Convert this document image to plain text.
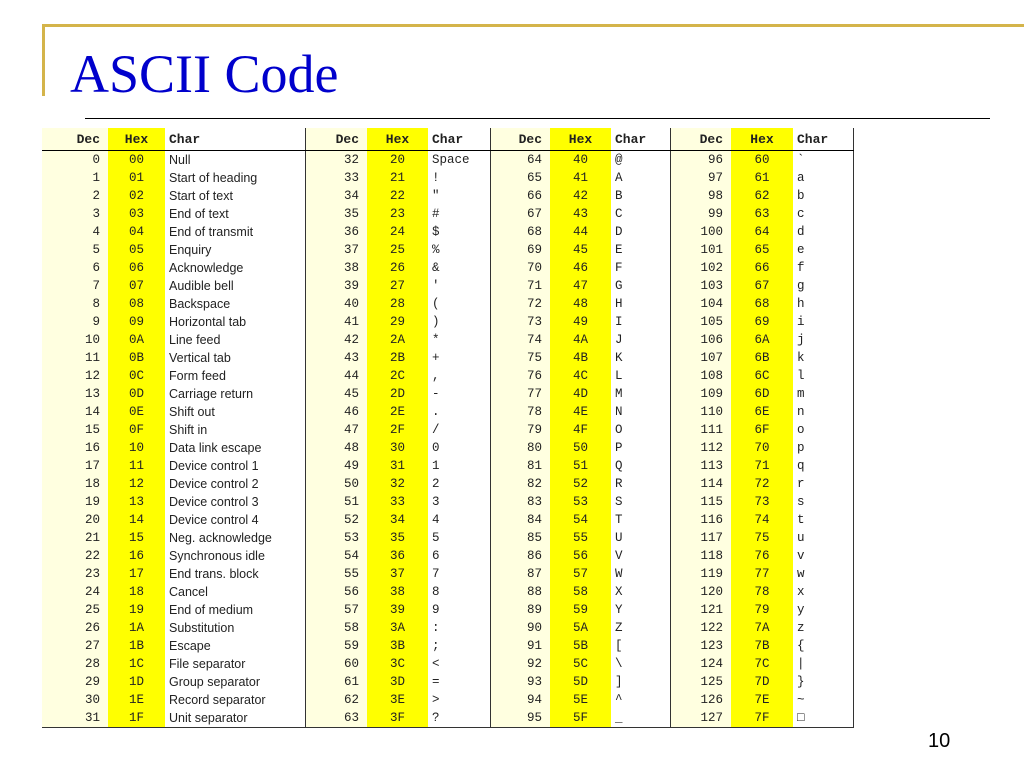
ASCII Code
Dec	Hex	Char	Dec	Hex	Char	Dec	Hex	Char	Dec	Hex	Char
0	00	Null	32	20	Space	64	40	@	96	60	`
1	01	Start of heading	33	21	!	65	41	A	97	61	a
2	02	Start of text	34	22	"	66	42	B	98	62	b
3	03	End of text	35	23	#	67	43	C	99	63	c
4	04	End of transmit	36	24	$	68	44	D	100	64	d
5	05	Enquiry	37	25	%	69	45	E	101	65	e
6	06	Acknowledge	38	26	&	70	46	F	102	66	f
7	07	Audible bell	39	27	'	71	47	G	103	67	g
8	08	Backspace	40	28	(	72	48	H	104	68	h
9	09	Horizontal tab	41	29	)	73	49	I	105	69	i
10	0A	Line feed	42	2A	*	74	4A	J	106	6A	j
11	0B	Vertical tab	43	2B	+	75	4B	K	107	6B	k
12	0C	Form feed	44	2C	,	76	4C	L	108	6C	l
13	0D	Carriage return	45	2D	-	77	4D	M	109	6D	m
14	0E	Shift out	46	2E	.	78	4E	N	110	6E	n
15	0F	Shift in	47	2F	/	79	4F	O	111	6F	o
16	10	Data link escape	48	30	0	80	50	P	112	70	p
17	11	Device control 1	49	31	1	81	51	Q	113	71	q
18	12	Device control 2	50	32	2	82	52	R	114	72	r
19	13	Device control 3	51	33	3	83	53	S	115	73	s
20	14	Device control 4	52	34	4	84	54	T	116	74	t
21	15	Neg. acknowledge	53	35	5	85	55	U	117	75	u
22	16	Synchronous idle	54	36	6	86	56	V	118	76	v
23	17	End trans. block	55	37	7	87	57	W	119	77	w
24	18	Cancel	56	38	8	88	58	X	120	78	x
25	19	End of medium	57	39	9	89	59	Y	121	79	y
26	1A	Substitution	58	3A	:	90	5A	Z	122	7A	z
27	1B	Escape	59	3B	;	91	5B	[	123	7B	{
28	1C	File separator	60	3C	<	92	5C	\	124	7C	|
29	1D	Group separator	61	3D	=	93	5D	]	125	7D	}
30	1E	Record separator	62	3E	>	94	5E	^	126	7E	~
31	1F	Unit separator	63	3F	?	95	5F	_	127	7F	□
10
